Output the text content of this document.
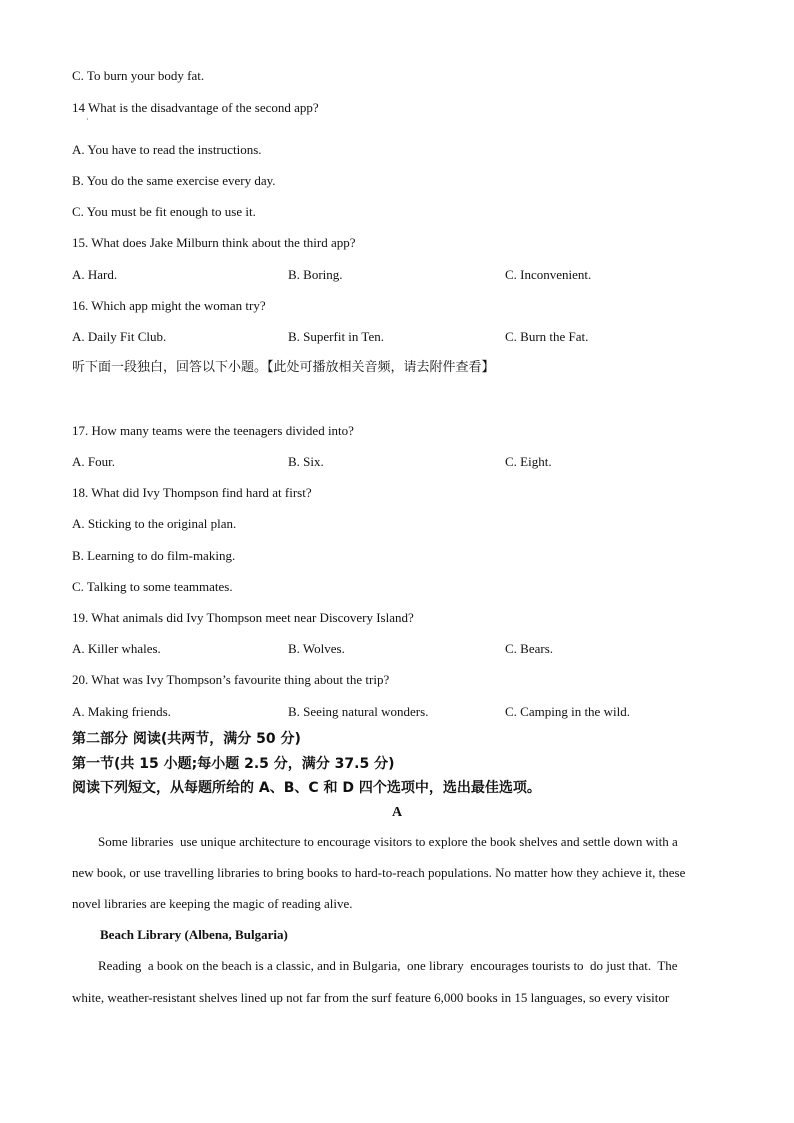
C. To burn your body fat.
14 What is the disadvantage of the second app?
·
A. You have to read the instructions.
B. You do the same exercise every day.
C. You must be fit enough to use it.
15. What does Jake Milburn think about the third app?
A. Hard.	B. Boring.	C. Inconvenient.
16. Which app might the woman try?
A. Daily Fit Club.	B. Superfit in Ten.	C. Burn the Fat.
听下面一段独白，回答以下小题。【此处可播放相关音频，请去附件查看】
17. How many teams were the teenagers divided into?
A. Four.	B. Six.	C. Eight.
18. What did Ivy Thompson find hard at first?
A. Sticking to the original plan.
B. Learning to do film-making.
C. Talking to some teammates.
19. What animals did Ivy Thompson meet near Discovery Island?
A. Killer whales.	B. Wolves.	C. Bears.
20. What was Ivy Thompson’s favourite thing about the trip?
A. Making friends.	B. Seeing natural wonders.	C. Camping in the wild.
第二部分 阅读(共两节，满分 50 分)
第一节(共 15 小题;每小题 2.5 分，满分 37.5 分)
阅读下列短文，从每题所给的 A、B、C 和 D 四个选项中，选出最佳选项。
A
Some libraries  use unique architecture to encourage visitors to explore the book shelves and settle down with a
new book, or use travelling libraries to bring books to hard-to-reach populations. No matter how they achieve it, these
novel libraries are keeping the magic of reading alive.
Beach Library (Albena, Bulgaria)
Reading  a book on the beach is a classic, and in Bulgaria,  one library  encourages tourists to  do just that.  The
white, weather-resistant shelves lined up not far from the surf feature 6,000 books in 15 languages, so every visitor
